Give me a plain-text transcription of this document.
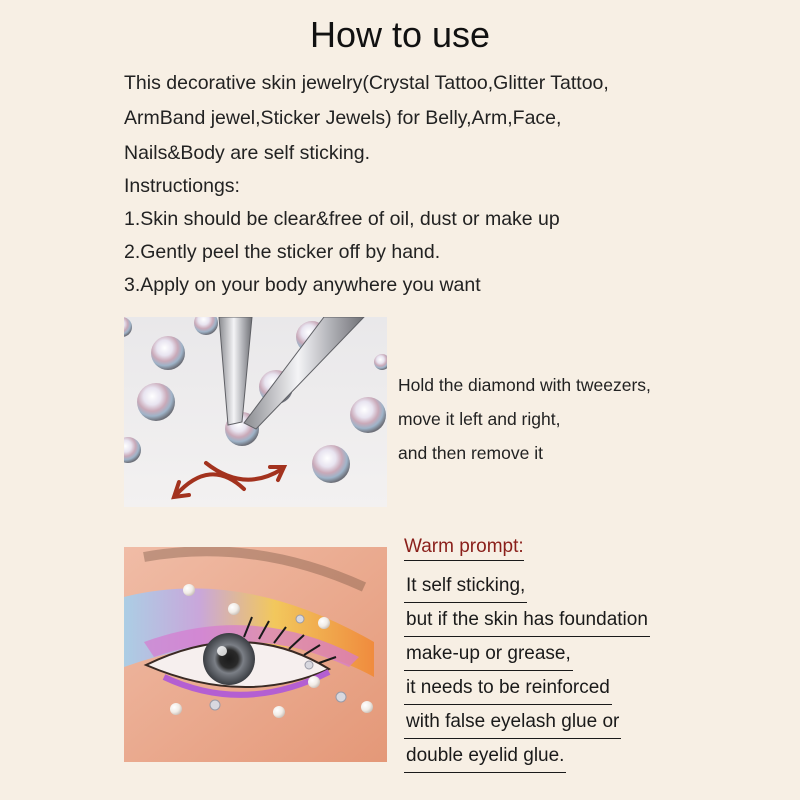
How to use
This decorative skin jewelry(Crystal Tattoo,Glitter Tattoo,
ArmBand jewel,Sticker Jewels) for Belly,Arm,Face,
Nails&Body are self sticking.
Instructiongs:
1.Skin should be clear&free of oil, dust or make up
2.Gently peel the sticker off by hand.
3.Apply on your body anywhere you want
Hold the diamond with tweezers,
move it left and right,
and then remove it
Warm prompt:
It self sticking,
but if the skin has foundation
make-up or grease,
it needs to be reinforced
with false eyelash glue or
double eyelid glue.
